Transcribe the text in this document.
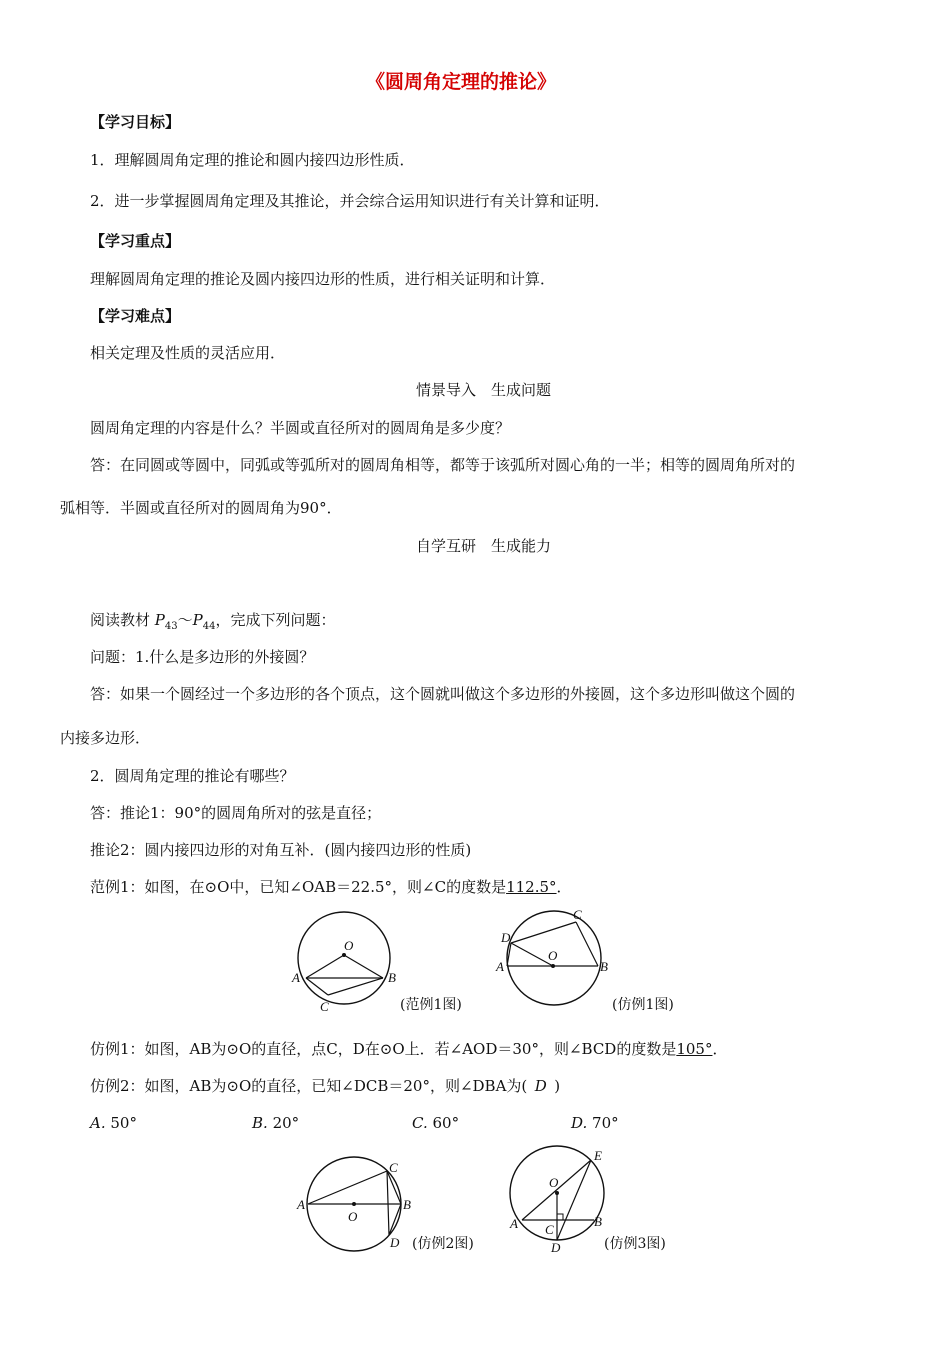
《圆周角定理的推论》
【学习目标】
1．理解圆周角定理的推论和圆内接四边形性质．
2．进一步掌握圆周角定理及其推论，并会综合运用知识进行有关计算和证明．
【学习重点】
理解圆周角定理的推论及圆内接四边形的性质，进行相关证明和计算．
【学习难点】
相关定理及性质的灵活应用．
情景导入　生成问题
圆周角定理的内容是什么？半圆或直径所对的圆周角是多少度？
答：在同圆或等圆中，同弧或等弧所对的圆周角相等，都等于该弧所对圆心角的一半；相等的圆周角所对的
弧相等．半圆或直径所对的圆周角为90°．
自学互研　生成能力
阅读教材 $P_{43}\sim P_{44}$，完成下列问题：
问题：1.什么是多边形的外接圆？
答：如果一个圆经过一个多边形的各个顶点，这个圆就叫做这个多边形的外接圆，这个多边形叫做这个圆的
内接多边形．
2．圆周角定理的推论有哪些？
答：推论1：90°的圆周角所对的弦是直径；
推论2：圆内接四边形的对角互补．(圆内接四边形的性质)
范例1：如图，在⊙O中，已知∠OAB＝22.5°，则∠C的度数是112.5°．
O
A	B
C	(范例1图)
O
A	B
D
C
(仿例1图)
仿例1：如图，AB为⊙O的直径，点C，D在⊙O上．若∠AOD＝30°，则∠BCD的度数是105°．
仿例2：如图，AB为⊙O的直径，已知∠DCB＝20°，则∠DBA为(  D  )
A. 50°	B. 20°	C. 60°	D. 70°
O
A	B
C
D (仿例2图)
O
A	B
C
D
E
(仿例3图)
